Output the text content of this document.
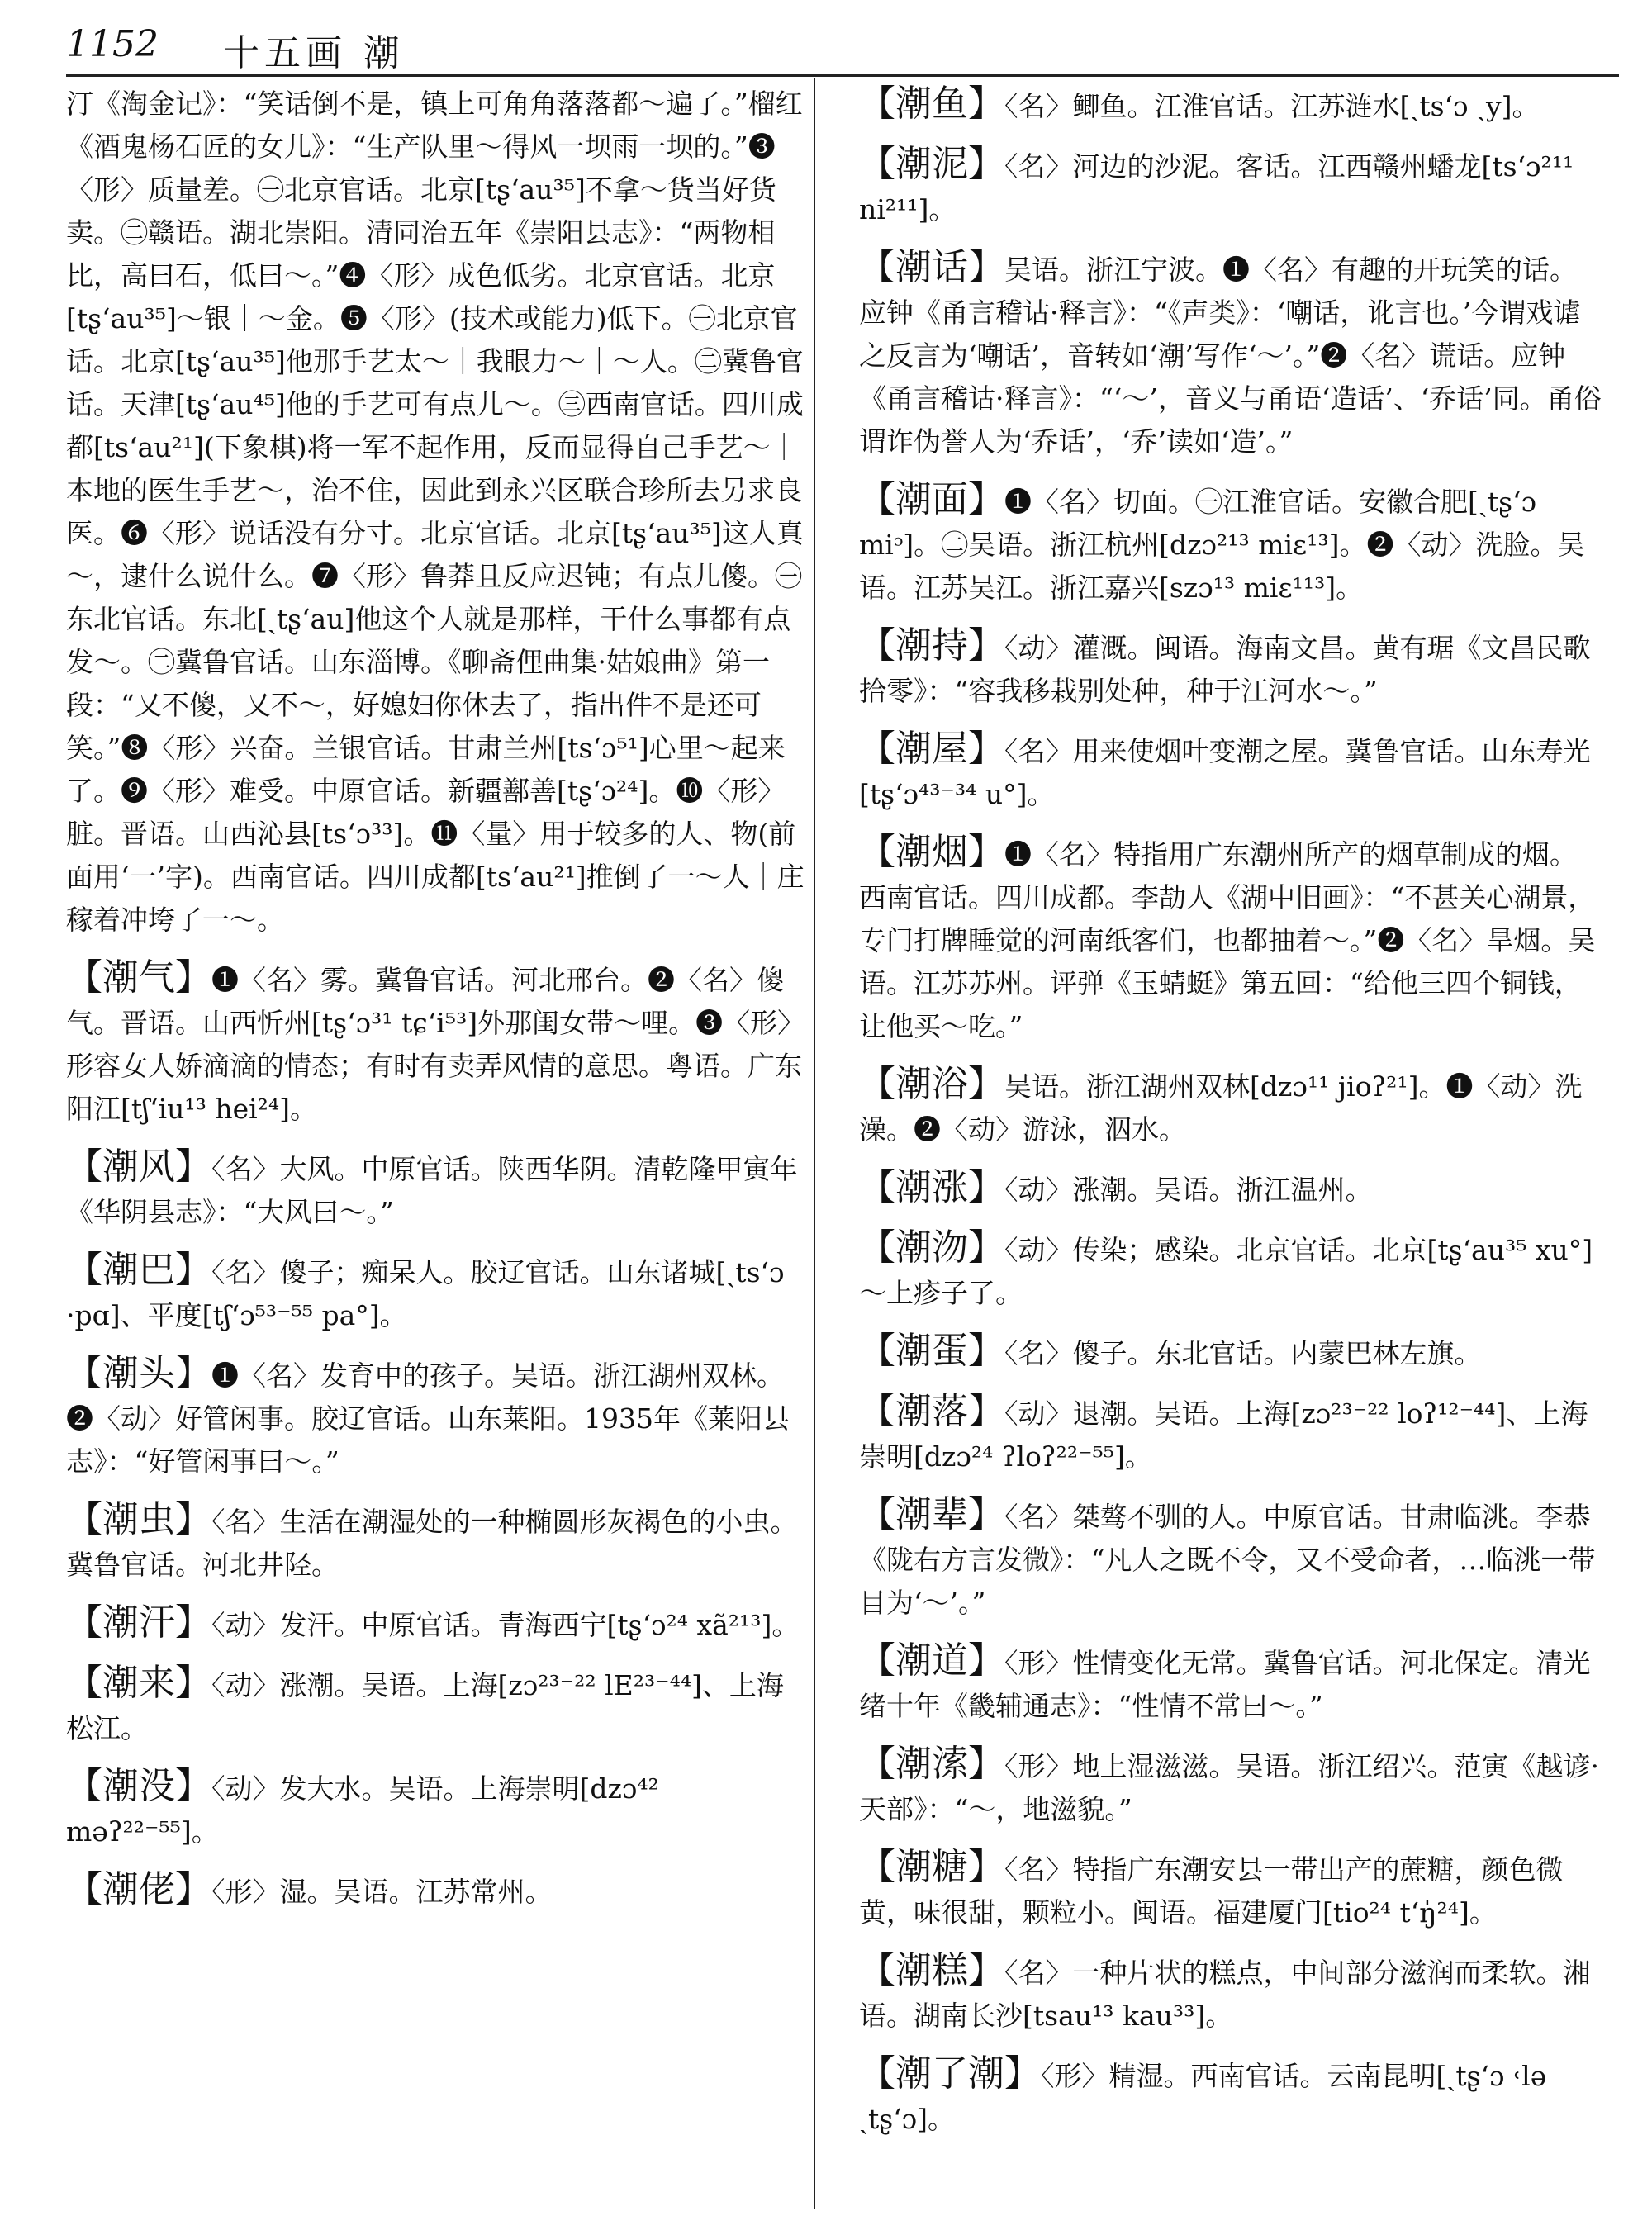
1152 十五画 潮
汀《淘金记》：“笑话倒不是，镇上可角角落落都～遍了。”榴红《酒鬼杨石匠的女儿》：“生产队里～得风一坝雨一坝的。”❸〈形〉质量差。㊀北京官话。北京[tʂʻau³⁵]不拿～货当好货卖。㊁赣语。湖北崇阳。清同治五年《崇阳县志》：“两物相比，高曰石，低曰～。”❹〈形〉成色低劣。北京官话。北京[tʂʻau³⁵]～银｜～金。❺〈形〉(技术或能力)低下。㊀北京官话。北京[tʂʻau³⁵]他那手艺太～｜我眼力～｜～人。㊁冀鲁官话。天津[tʂʻau⁴⁵]他的手艺可有点儿～。㊂西南官话。四川成都[tsʻau²¹](下象棋)将一军不起作用，反而显得自己手艺～｜本地的医生手艺～，治不住，因此到永兴区联合珍所去另求良医。❻〈形〉说话没有分寸。北京官话。北京[tʂʻau³⁵]这人真～，逮什么说什么。❼〈形〉鲁莽且反应迟钝；有点儿傻。㊀东北官话。东北[ˏtʂʻau]他这个人就是那样，干什么事都有点发～。㊁冀鲁官话。山东淄博。《聊斋俚曲集·姑娘曲》第一段：“又不傻，又不～，好媳妇你休去了，指出件不是还可笑。”❽〈形〉兴奋。兰银官话。甘肃兰州[tsʻɔ⁵¹]心里～起来了。❾〈形〉难受。中原官话。新疆鄯善[tʂʻɔ²⁴]。❿〈形〉脏。晋语。山西沁县[tsʻɔ³³]。⓫〈量〉用于较多的人、物(前面用‘一’字)。西南官话。四川成都[tsʻau²¹]推倒了一～人｜庄稼着冲垮了一～。
【潮气】❶〈名〉雾。冀鲁官话。河北邢台。❷〈名〉傻气。晋语。山西忻州[tʂʻɔ³¹ tɕʻi⁵³]外那闺女带～哩。❸〈形〉形容女人娇滴滴的情态；有时有卖弄风情的意思。粤语。广东阳江[tʃʻiu¹³ hei²⁴]。
【潮风】〈名〉大风。中原官话。陕西华阴。清乾隆甲寅年《华阴县志》：“大风曰～。”
【潮巴】〈名〉傻子；痴呆人。胶辽官话。山东诸城[ˏtsʻɔ ·pɑ]、平度[tʃʻɔ⁵³⁻⁵⁵ pa°]。
【潮头】❶〈名〉发育中的孩子。吴语。浙江湖州双林。❷〈动〉好管闲事。胶辽官话。山东莱阳。1935年《莱阳县志》：“好管闲事曰～。”
【潮虫】〈名〉生活在潮湿处的一种椭圆形灰褐色的小虫。冀鲁官话。河北井陉。
【潮汗】〈动〉发汗。中原官话。青海西宁[tʂʻɔ²⁴ xã²¹³]。
【潮来】〈动〉涨潮。吴语。上海[zɔ²³⁻²² lE²³⁻⁴⁴]、上海松江。
【潮没】〈动〉发大水。吴语。上海崇明[dzɔ⁴² məʔ²²⁻⁵⁵]。
【潮佬】〈形〉湿。吴语。江苏常州。
【潮鱼】〈名〉鲫鱼。江淮官话。江苏涟水[ˏtsʻɔ ˏy]。
【潮泥】〈名〉河边的沙泥。客话。江西赣州蟠龙[tsʻɔ²¹¹ ni²¹¹]。
【潮话】吴语。浙江宁波。❶〈名〉有趣的开玩笑的话。应钟《甬言稽诂·释言》：“《声类》：‘嘲话，讹言也。’今谓戏谑之反言为‘嘲话’，音转如‘潮’写作‘～’。”❷〈名〉谎话。应钟《甬言稽诂·释言》：“‘～’，音义与甬语‘造话’、‘乔话’同。甬俗谓诈伪誉人为‘乔话’，‘乔’读如‘造’。”
【潮面】❶〈名〉切面。㊀江淮官话。安徽合肥[ˏtʂʻɔ miᵓ]。㊁吴语。浙江杭州[dzɔ²¹³ miɛ¹³]。❷〈动〉洗脸。吴语。江苏吴江。浙江嘉兴[szɔ¹³ miɛ¹¹³]。
【潮持】〈动〉灌溉。闽语。海南文昌。黄有琚《文昌民歌拾零》：“容我移栽别处种，种于江河水～。”
【潮屋】〈名〉用来使烟叶变潮之屋。冀鲁官话。山东寿光[tʂʻɔ⁴³⁻³⁴ u°]。
【潮烟】❶〈名〉特指用广东潮州所产的烟草制成的烟。西南官话。四川成都。李劼人《湖中旧画》：“不甚关心湖景，专门打牌睡觉的河南纸客们，也都抽着～。”❷〈名〉旱烟。吴语。江苏苏州。评弹《玉蜻蜓》第五回：“给他三四个铜钱，让他买～吃。”
【潮浴】吴语。浙江湖州双林[dzɔ¹¹ jioʔ²¹]。❶〈动〉洗澡。❷〈动〉游泳，泅水。
【潮涨】〈动〉涨潮。吴语。浙江温州。
【潮沕】〈动〉传染；感染。北京官话。北京[tʂʻau³⁵ xu°]～上疹子了。
【潮蛋】〈名〉傻子。东北官话。内蒙巴林左旗。
【潮落】〈动〉退潮。吴语。上海[zɔ²³⁻²² loʔ¹²⁻⁴⁴]、上海崇明[dzɔ²⁴ ʔloʔ²²⁻⁵⁵]。
【潮辈】〈名〉桀骜不驯的人。中原官话。甘肃临洮。李恭《陇右方言发微》：“凡人之既不令，又不受命者，…临洮一带目为‘～’。”
【潮道】〈形〉性情变化无常。冀鲁官话。河北保定。清光绪十年《畿辅通志》：“性情不常曰～。”
【潮溹】〈形〉地上湿滋滋。吴语。浙江绍兴。范寅《越谚·天部》：“～，地滋貌。”
【潮糖】〈名〉特指广东潮安县一带出产的蔗糖，颜色微黄，味很甜，颗粒小。闽语。福建厦门[tio²⁴ tʻŋ̍²⁴]。
【潮糕】〈名〉一种片状的糕点，中间部分滋润而柔软。湘语。湖南长沙[tsau¹³ kau³³]。
【潮了潮】〈形〉精湿。西南官话。云南昆明[ˏtʂʻɔ ˓lə ˏtʂʻɔ]。
